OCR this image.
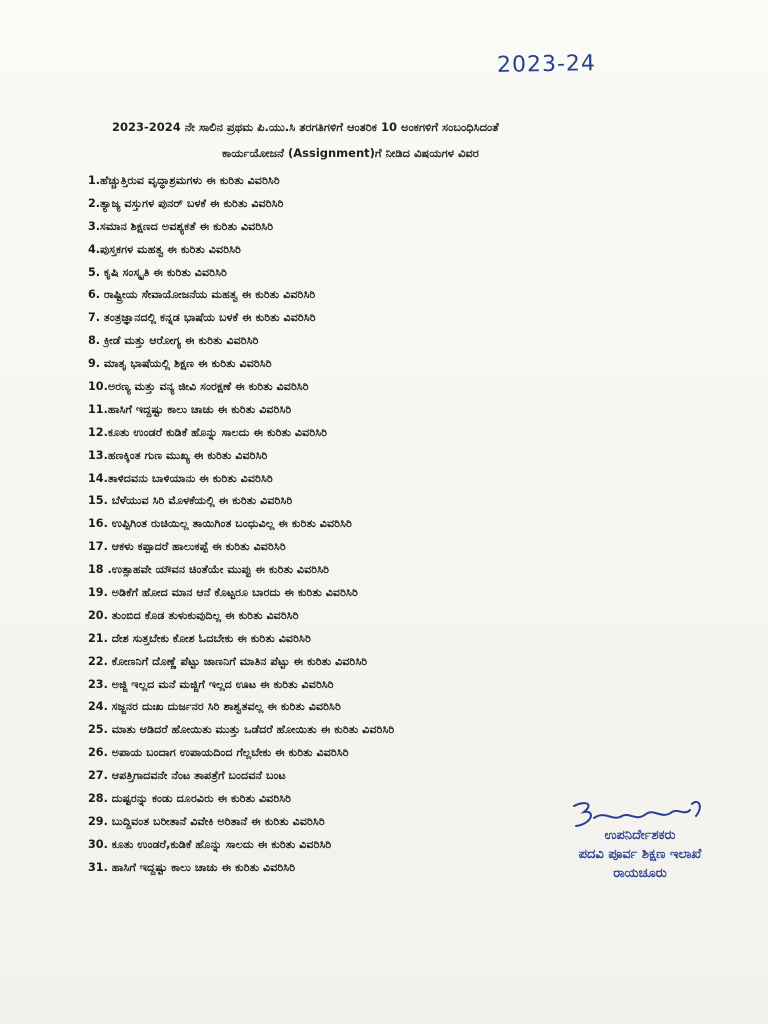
2023-24
2023-2024 ನೇ ಸಾಲಿನ ಪ್ರಥಮ ಪಿ.ಯು.ಸಿ ತರಗತಿಗಳಿಗೆ ಆಂತರಿಕ 10 ಅಂಕಗಳಿಗೆ ಸಂಬಂಧಿಸಿದಂತೆ
ಕಾರ್ಯಯೋಜನೆ (Assignment)ಗೆ ನೀಡಿದ ವಿಷಯಗಳ ವಿವರ
1.ಹೆಚ್ಚುತ್ತಿರುವ ವೃದ್ಧಾಶ್ರಮಗಳು ಈ ಕುರಿತು ವಿವರಿಸಿರಿ
2.ತ್ಯಾಜ್ಯ ವಸ್ತುಗಳ ಪುನರ್ ಬಳಕೆ ಈ ಕುರಿತು ವಿವರಿಸಿರಿ
3.ಸಮಾನ ಶಿಕ್ಷಣದ ಅವಶ್ಯಕತೆ ಈ ಕುರಿತು ವಿವರಿಸಿರಿ
4.ಪುಸ್ತಕಗಳ ಮಹತ್ವ ಈ ಕುರಿತು ವಿವರಿಸಿರಿ
5. ಕೃಷಿ ಸಂಸ್ಕೃತಿ ಈ ಕುರಿತು ವಿವರಿಸಿರಿ
6. ರಾಷ್ಟ್ರೀಯ ಸೇವಾಯೋಜನೆಯ ಮಹತ್ವ ಈ ಕುರಿತು ವಿವರಿಸಿರಿ
7. ತಂತ್ರಜ್ಞಾನದಲ್ಲಿ ಕನ್ನಡ ಭಾಷೆಯ ಬಳಕೆ ಈ ಕುರಿತು ವಿವರಿಸಿರಿ
8. ಕ್ರೀಡೆ ಮತ್ತು ಆರೋಗ್ಯ ಈ ಕುರಿತು ವಿವರಿಸಿರಿ
9. ಮಾತೃ ಭಾಷೆಯಲ್ಲಿ ಶಿಕ್ಷಣ ಈ ಕುರಿತು ವಿವರಿಸಿರಿ
10.ಅರಣ್ಯ ಮತ್ತು ವನ್ಯ ಜೀವಿ ಸಂರಕ್ಷಣೆ ಈ ಕುರಿತು ವಿವರಿಸಿರಿ
11.ಹಾಸಿಗೆ ಇದ್ದಷ್ಟು ಕಾಲು ಚಾಚು ಈ ಕುರಿತು ವಿವರಿಸಿರಿ
12.ಕೂತು ಉಂಡರೆ ಕುಡಿಕೆ ಹೊನ್ನು ಸಾಲದು ಈ ಕುರಿತು ವಿವರಿಸಿರಿ
13.ಹಣಕ್ಕಿಂತ ಗುಣ ಮುಖ್ಯ ಈ ಕುರಿತು ವಿವರಿಸಿರಿ
14.ತಾಳಿದವನು ಬಾಳಿಯಾನು ಈ ಕುರಿತು ವಿವರಿಸಿರಿ
15. ಬೆಳೆಯುವ ಸಿರಿ ಮೊಳಕೆಯಲ್ಲಿ ಈ ಕುರಿತು ವಿವರಿಸಿರಿ
16. ಉಪ್ಪಿಗಿಂತ ರುಚಿಯಿಲ್ಲ ತಾಯಿಗಿಂತ ಬಂಧುವಿಲ್ಲ ಈ ಕುರಿತು ವಿವರಿಸಿರಿ
17. ಆಕಳು ಕಪ್ಪಾದರೆ ಹಾಲುಕಪ್ಪೆ ಈ ಕುರಿತು ವಿವರಿಸಿರಿ
18 .ಉತ್ಸಾಹವೇ ಯೌವನ ಚಿಂತೆಯೇ ಮುಪ್ಪು ಈ ಕುರಿತು ವಿವರಿಸಿರಿ
19. ಅಡಿಕೆಗೆ ಹೋದ ಮಾನ ಆನೆ ಕೊಟ್ಟರೂ ಬಾರದು ಈ ಕುರಿತು ವಿವರಿಸಿರಿ
20. ತುಂಬಿದ ಕೊಡ ತುಳುಕುವುದಿಲ್ಲ ಈ ಕುರಿತು ವಿವರಿಸಿರಿ
21. ದೇಶ ಸುತ್ತಬೇಕು ಕೋಶ ಓದಬೇಕು ಈ ಕುರಿತು ವಿವರಿಸಿರಿ
22. ಕೋಣನಿಗೆ ದೊಣ್ಣೆ ಪೆಟ್ಟು ಜಾಣನಿಗೆ ಮಾತಿನ ಪೆಟ್ಟು ಈ ಕುರಿತು ವಿವರಿಸಿರಿ
23. ಅಜ್ಜಿ ಇಲ್ಲದ ಮನೆ ಮಜ್ಜಿಗೆ ಇಲ್ಲದ ಊಟ ಈ ಕುರಿತು ವಿವರಿಸಿರಿ
24. ಸಜ್ಜನರ ದುಃಖ ದುರ್ಜನರ ಸಿರಿ ಶಾಶ್ವತವಲ್ಲ ಈ ಕುರಿತು ವಿವರಿಸಿರಿ
25. ಮಾತು ಆಡಿದರೆ ಹೋಯಿತು ಮುತ್ತು ಒಡೆದರೆ ಹೋಯಿತು ಈ ಕುರಿತು ವಿವರಿಸಿರಿ
26. ಅಪಾಯ ಬಂದಾಗ ಉಪಾಯದಿಂದ ಗೆಲ್ಲಬೇಕು ಈ ಕುರಿತು ವಿವರಿಸಿರಿ
27. ಆಪತ್ತಿಗಾದವನೇ ನೆಂಟ ತಾಪತ್ರೆಗೆ ಬಂದವನೆ ಬಂಟ
28. ದುಷ್ಟರನ್ನು ಕಂಡು ದೂರವಿರು ಈ ಕುರಿತು ವಿವರಿಸಿರಿ
29. ಬುದ್ದಿವಂತ ಬರೀತಾನೆ ವಿವೇಕಿ ಅರಿತಾನೆ ಈ ಕುರಿತು ವಿವರಿಸಿರಿ
30. ಕೂತು ಉಂಡರೆ,ಕುಡಿಕೆ ಹೊನ್ನು ಸಾಲದು ಈ ಕುರಿತು ವಿವರಿಸಿರಿ
31. ಹಾಸಿಗೆ ಇದ್ದಷ್ಟು ಕಾಲು ಚಾಚು ಈ ಕುರಿತು ವಿವರಿಸಿರಿ
ಉಪನಿರ್ದೇಶಕರು
ಪದವಿ ಪೂರ್ವ ಶಿಕ್ಷಣ ಇಲಾಖೆ
ರಾಯಚೂರು
